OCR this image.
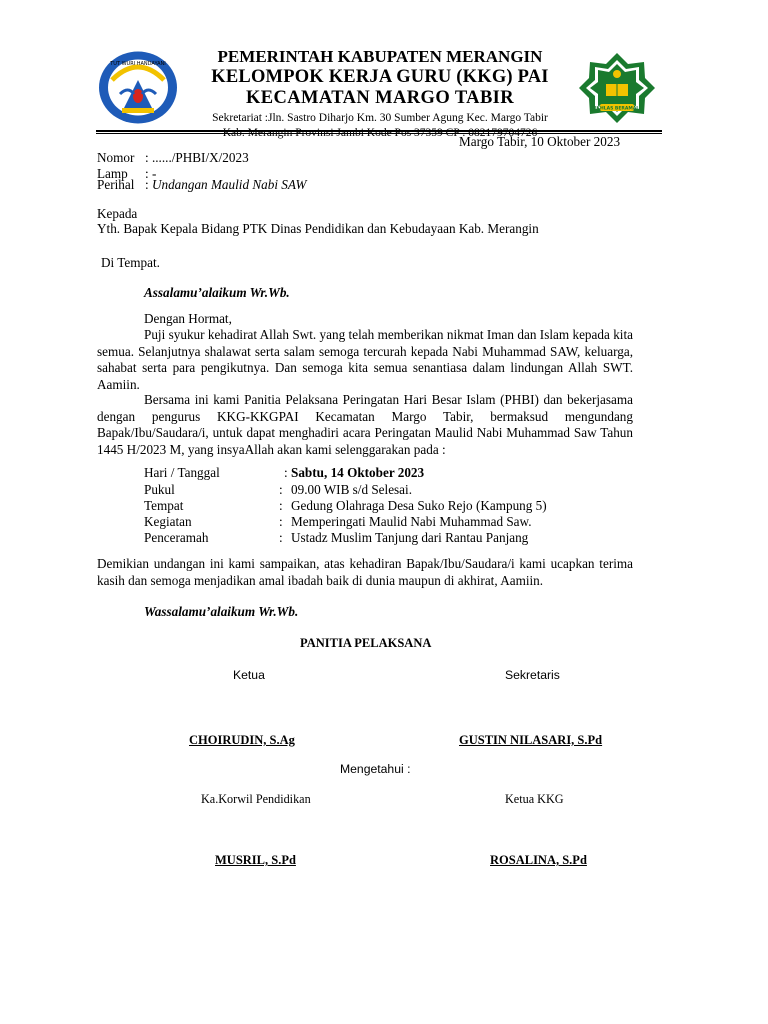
TUT WURI HANDAYANI	PEMERINTAH KABUPATEN MERANGIN
KELOMPOK KERJA GURU (KKG) PAI
KECAMATAN MARGO TABIR
Sekretariat :Jln. Sastro Diharjo Km. 30 Sumber Agung Kec. Margo Tabir
IKHLAS BERAMAL
Margo Tabir, 10 Oktober 2023
Nomor : ....../PHBI/X/2023
Lamp : -
Perihal : Undangan Maulid Nabi SAW
Kepada
Yth. Bapak Kepala Bidang PTK Dinas Pendidikan dan Kebudayaan Kab. Merangin
Di Tempat.
Assalamu’alaikum Wr.Wb.
Dengan Hormat,
Puji syukur kehadirat Allah Swt. yang telah memberikan nikmat Iman dan Islam kepada kita semua. Selanjutnya shalawat serta salam semoga tercurah kepada Nabi Muhammad SAW, keluarga, sahabat serta para pengikutnya. Dan semoga kita semua senantiasa dalam lindungan Allah SWT. Aamiin.
Bersama ini kami Panitia Pelaksana Peringatan Hari Besar Islam (PHBI) dan bekerjasama dengan pengurus KKG-KKGPAI Kecamatan Margo Tabir, bermaksud mengundang Bapak/Ibu/Saudara/i, untuk dapat menghadiri acara Peringatan Maulid Nabi Muhammad Saw Tahun 1445 H/2023 M, yang insyaAllah akan kami selenggarakan pada :
Hari / Tanggal	: Sabtu, 14 Oktober 2023
Pukul	: 09.00 WIB s/d Selesai.
Tempat	: Gedung Olahraga Desa Suko Rejo (Kampung 5)
Kegiatan	: Memperingati Maulid Nabi Muhammad Saw.
Penceramah	: Ustadz Muslim Tanjung dari Rantau Panjang
Demikian undangan ini kami sampaikan, atas kehadiran Bapak/Ibu/Saudara/i kami ucapkan terima kasih dan semoga menjadikan amal ibadah baik di dunia maupun di akhirat, Aamiin.
Wassalamu’alaikum Wr.Wb.
PANITIA PELAKSANA
Ketua	Sekretaris
CHOIRUDIN, S.Ag	GUSTIN NILASARI, S.Pd
Mengetahui :
Ka.Korwil Pendidikan	Ketua KKG
MUSRIL, S.Pd	ROSALINA, S.Pd
